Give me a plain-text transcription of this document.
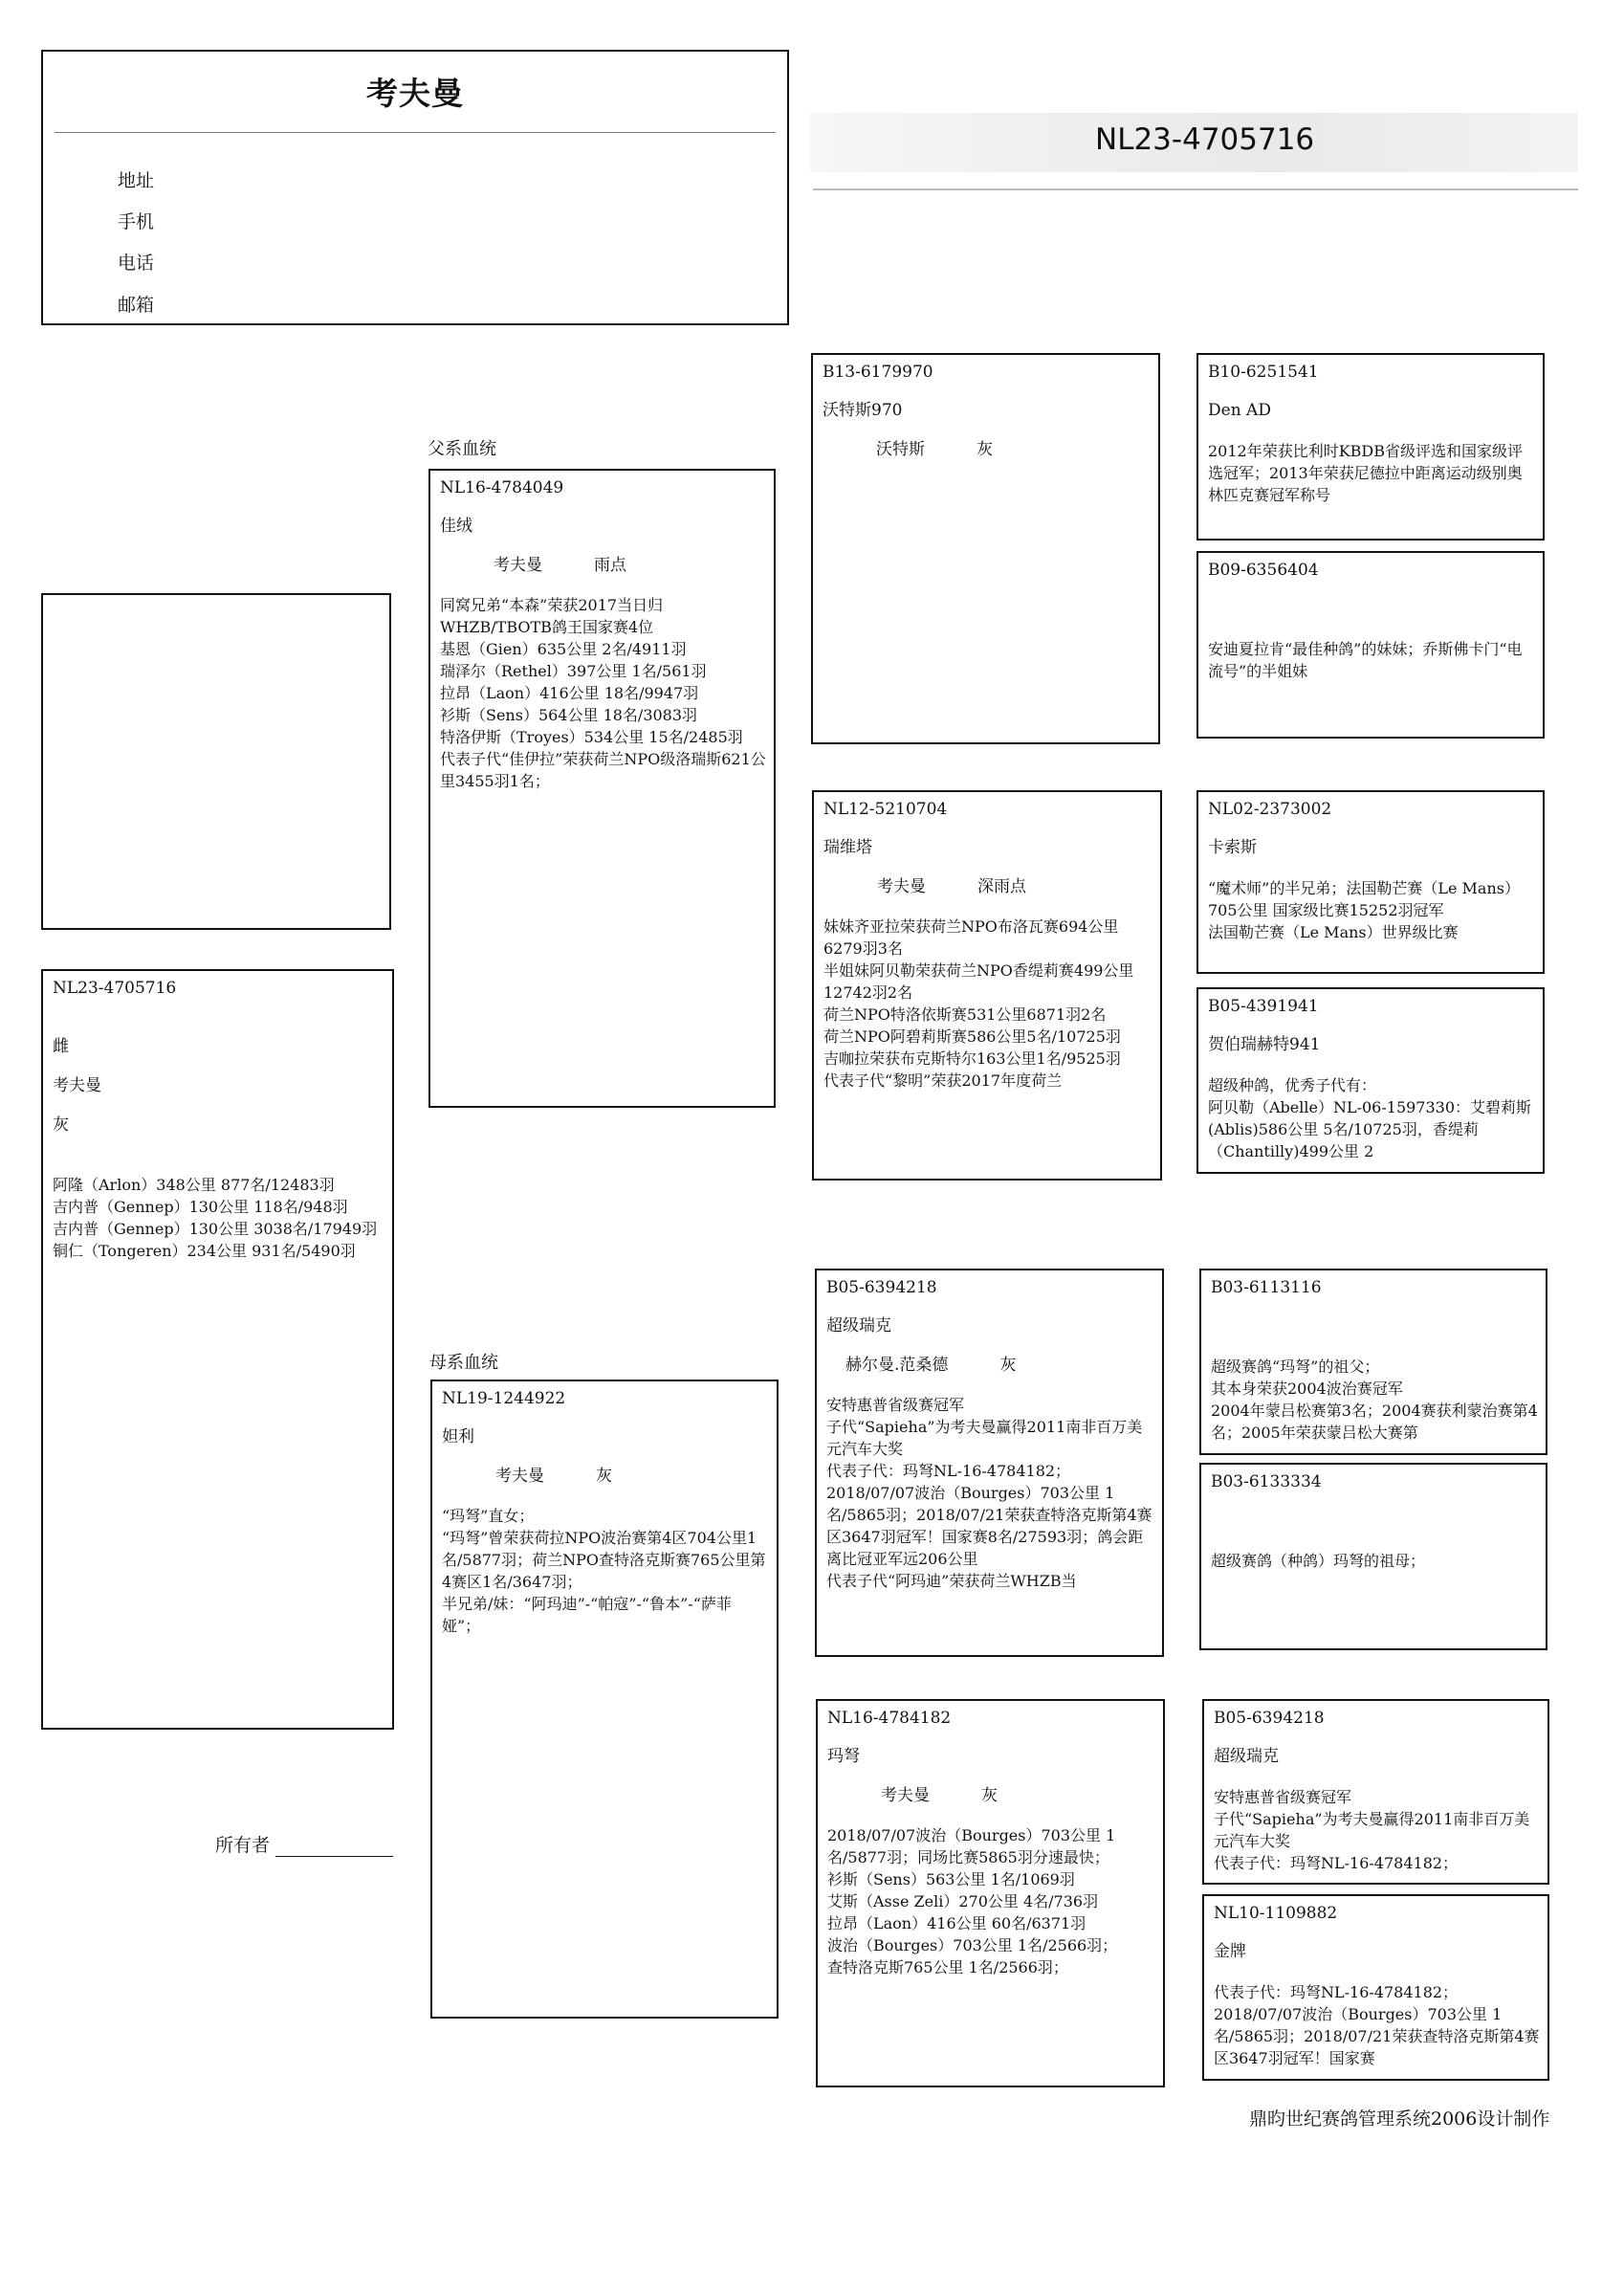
考夫曼
地址
手机
电话
邮箱
NL23-4705716
NL23-4705716
雌
考夫曼
灰
阿隆（Arlon）348公里 877名/12483羽
吉内普（Gennep）130公里 118名/948羽
吉内普（Gennep）130公里 3038名/17949羽
铜仁（Tongeren）234公里 931名/5490羽
父系血统
母系血统
NL16-4784049
佳绒
考夫曼	雨点
同窝兄弟“本森”荣获2017当日归WHZB/TBOTB鸽王国家赛4位
基恩（Gien）635公里 2名/4911羽
瑞泽尔（Rethel）397公里 1名/561羽
拉昂（Laon）416公里 18名/9947羽
衫斯（Sens）564公里 18名/3083羽
特洛伊斯（Troyes）534公里 15名/2485羽
代表子代“佳伊拉”荣获荷兰NPO级洛瑞斯621公里3455羽1名；
NL19-1244922
妲利
考夫曼	灰
“玛弩”直女；
“玛弩”曾荣获荷拉NPO波治赛第4区704公里1名/5877羽；荷兰NPO查特洛克斯赛765公里第4赛区1名/3647羽；
半兄弟/妹：“阿玛迪”-“帕寇”-“鲁本”-“萨菲娅”；
B13-6179970
沃特斯970
沃特斯	灰
NL12-5210704
瑞维塔
考夫曼	深雨点
妹妹齐亚拉荣获荷兰NPO布洛瓦赛694公里6279羽3名
半姐妹阿贝勒荣获荷兰NPO香缇莉赛499公里12742羽2名
荷兰NPO特洛依斯赛531公里6871羽2名
荷兰NPO阿碧莉斯赛586公里5名/10725羽
吉咖拉荣获布克斯特尔163公里1名/9525羽
代表子代“黎明”荣获2017年度荷兰
B05-6394218
超级瑞克
赫尔曼.范桑德	灰
安特惠普省级赛冠军
子代“Sapieha”为考夫曼赢得2011南非百万美元汽车大奖
代表子代：玛弩NL-16-4784182；
2018/07/07波治（Bourges）703公里 1名/5865羽；2018/07/21荣获查特洛克斯第4赛区3647羽冠军！国家赛8名/27593羽；鸽会距离比冠亚军远206公里
代表子代“阿玛迪”荣获荷兰WHZB当
NL16-4784182
玛弩
考夫曼	灰
2018/07/07波治（Bourges）703公里 1名/5877羽；同场比赛5865羽分速最快；
衫斯（Sens）563公里 1名/1069羽
艾斯（Asse Zeli）270公里 4名/736羽
拉昂（Laon）416公里 60名/6371羽
波治（Bourges）703公里 1名/2566羽；
查特洛克斯765公里 1名/2566羽；
B10-6251541
Den AD
2012年荣获比利时KBDB省级评选和国家级评选冠军；2013年荣获尼德拉中距离运动级别奥林匹克赛冠军称号
B09-6356404
安迪夏拉肯“最佳种鸽”的妹妹；乔斯佛卡门“电流号”的半姐妹
NL02-2373002
卡索斯
“魔术师”的半兄弟；法国勒芒赛（Le Mans）705公里 国家级比赛15252羽冠军
法国勒芒赛（Le Mans）世界级比赛
B05-4391941
贺伯瑞赫特941
超级种鸽，优秀子代有：
阿贝勒（Abelle）NL-06-1597330：艾碧莉斯(Ablis)586公里 5名/10725羽，香缇莉（Chantilly)499公里 2
B03-6113116
超级赛鸽“玛弩”的祖父；
其本身荣获2004波治赛冠军
2004年蒙吕松赛第3名；2004赛获利蒙治赛第4名；2005年荣获蒙吕松大赛第
B03-6133334
超级赛鸽（种鸽）玛弩的祖母；
B05-6394218
超级瑞克
安特惠普省级赛冠军
子代“Sapieha”为考夫曼赢得2011南非百万美元汽车大奖
代表子代：玛弩NL-16-4784182；
NL10-1109882
金牌
代表子代：玛弩NL-16-4784182；
2018/07/07波治（Bourges）703公里 1名/5865羽；2018/07/21荣获查特洛克斯第4赛区3647羽冠军！国家赛
所有者
鼎昀世纪赛鸽管理系统2006设计制作
